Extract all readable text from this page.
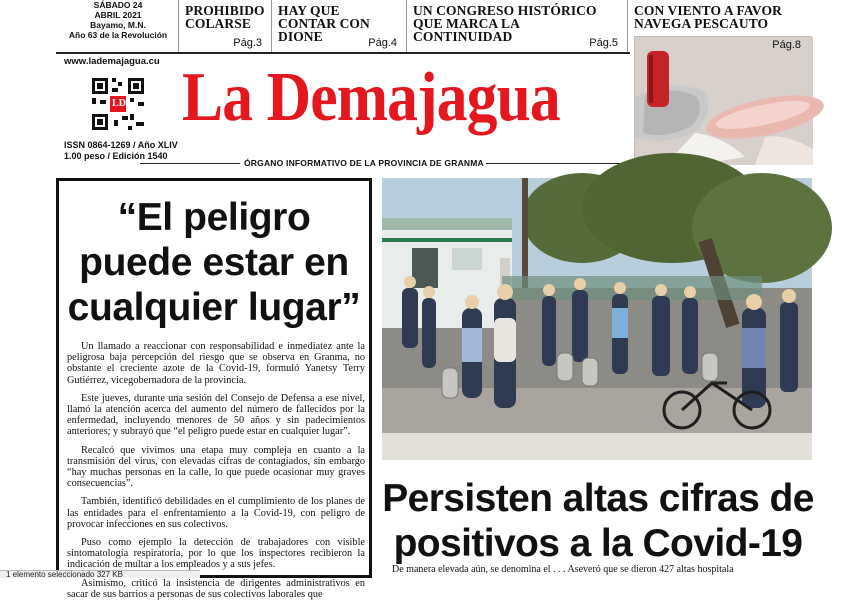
SÁBADO 24
ABRIL 2021
Bayamo, M.N.
Año 63 de la Revolución
PROHIBIDO COLARSE
Pág.3
HAY QUE CONTAR CON DIONE	Pág.4
UN CONGRESO HISTÓRICO QUE MARCA LA CONTINUIDAD	Pág.5
CON VIENTO A FAVOR NAVEGA PESCAUTO
Pág.8
www.lademajagua.cu
LD
ISSN 0864-1269 / Año XLIV
1.00 peso / Edición 1540
La Demajagua
ÓRGANO INFORMATIVO DE LA PROVINCIA DE GRANMA
“El peligro
puede estar en
cualquier lugar”

Un llamado a reaccionar con responsabilidad e inmediatez ante la peligrosa baja percepción del riesgo que se observa en Granma, no obstante el creciente azote de la Covid-19, formuló Yanetsy Terry Gutiérrez, vicegobernadora de la provincia.

Este jueves, durante una sesión del Consejo de Defensa a ese nivel, llamó la atención acerca del aumento del número de fallecidos por la enfermedad, incluyendo menores de 50 años y sin padecimientos anteriores; y subrayó que “el peligro puede estar en cualquier lugar”.

Recalcó que vivimos una etapa muy compleja en cuanto a la transmisión del virus, con elevadas cifras de contagiados, sin embargo “hay muchas personas en la calle, lo que puede ocasionar muy graves consecuencias”.

También, identificó debilidades en el cumplimiento de los planes de las entidades para el enfrentamiento a la Covid-19, con peligro de provocar infecciones en sus colectivos.

Puso como ejemplo la detección de trabajadores con visible sintomatología respiratoria, por lo que los inspectores recibieron la indicación de multar a los empleados y a sus jefes.

Asimismo, criticó la insistencia de dirigentes administrativos en sacar de sus barrios a personas de sus colectivos laborales que

Persisten altas cifras de
positivos a la Covid-19
De manera elevada aún, se denomina el . . . Aseveró que se dieron 427 altas hospitala
1 elemento seleccionado 327 KB
